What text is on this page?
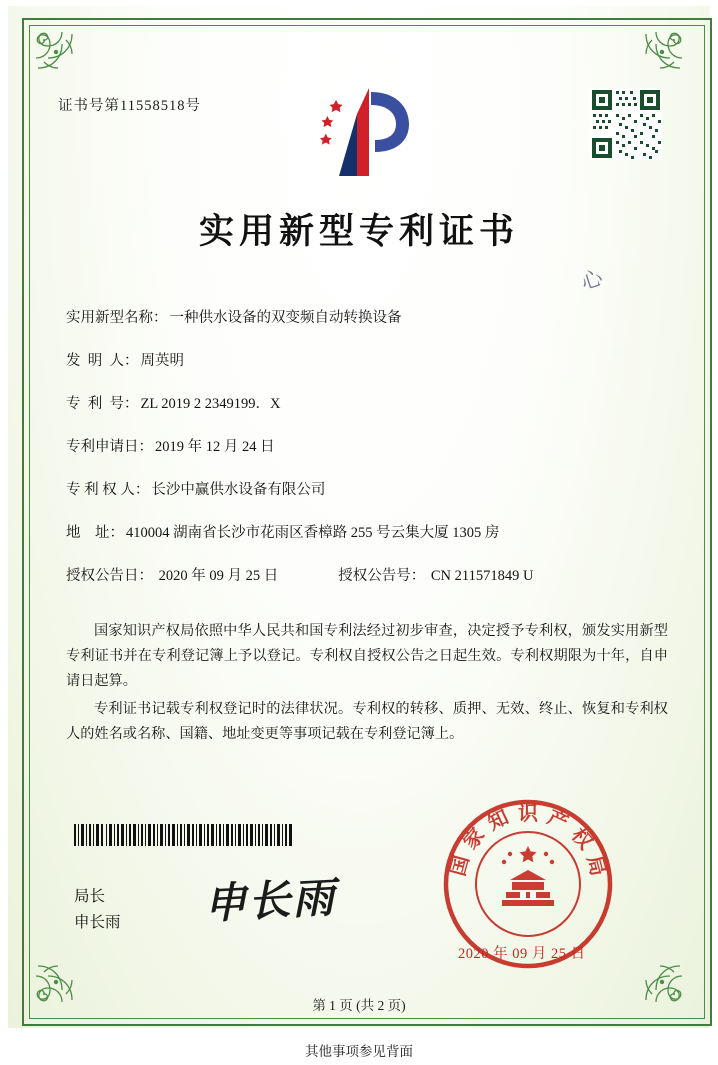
证书号第11558518号
实用新型专利证书
心
实用新型名称： 一种供水设备的双变频自动转换设备
发  明  人： 周英明
专  利  号： ZL 2019 2 2349199．X
专利申请日： 2019 年 12 月 24 日
专 利 权 人： 长沙中赢供水设备有限公司
地    址： 410004 湖南省长沙市花雨区香樟路 255 号云集大厦 1305 房
授权公告日： 2020 年 09 月 25 日	授权公告号： CN 211571849 U

国家知识产权局依照中华人民共和国专利法经过初步审查，决定授予专利权，颁发实用新型专利证书并在专利登记簿上予以登记。专利权自授权公告之日起生效。专利权期限为十年，自申请日起算。

专利证书记载专利权登记时的法律状况。专利权的转移、质押、无效、终止、恢复和专利权人的姓名或名称、国籍、地址变更等事项记载在专利登记簿上。

局长
申长雨 申长雨
国
家
知 识 产
权
局
2020 年 09 月 25 日
第 1 页 (共 2 页)
其他事项参见背面
